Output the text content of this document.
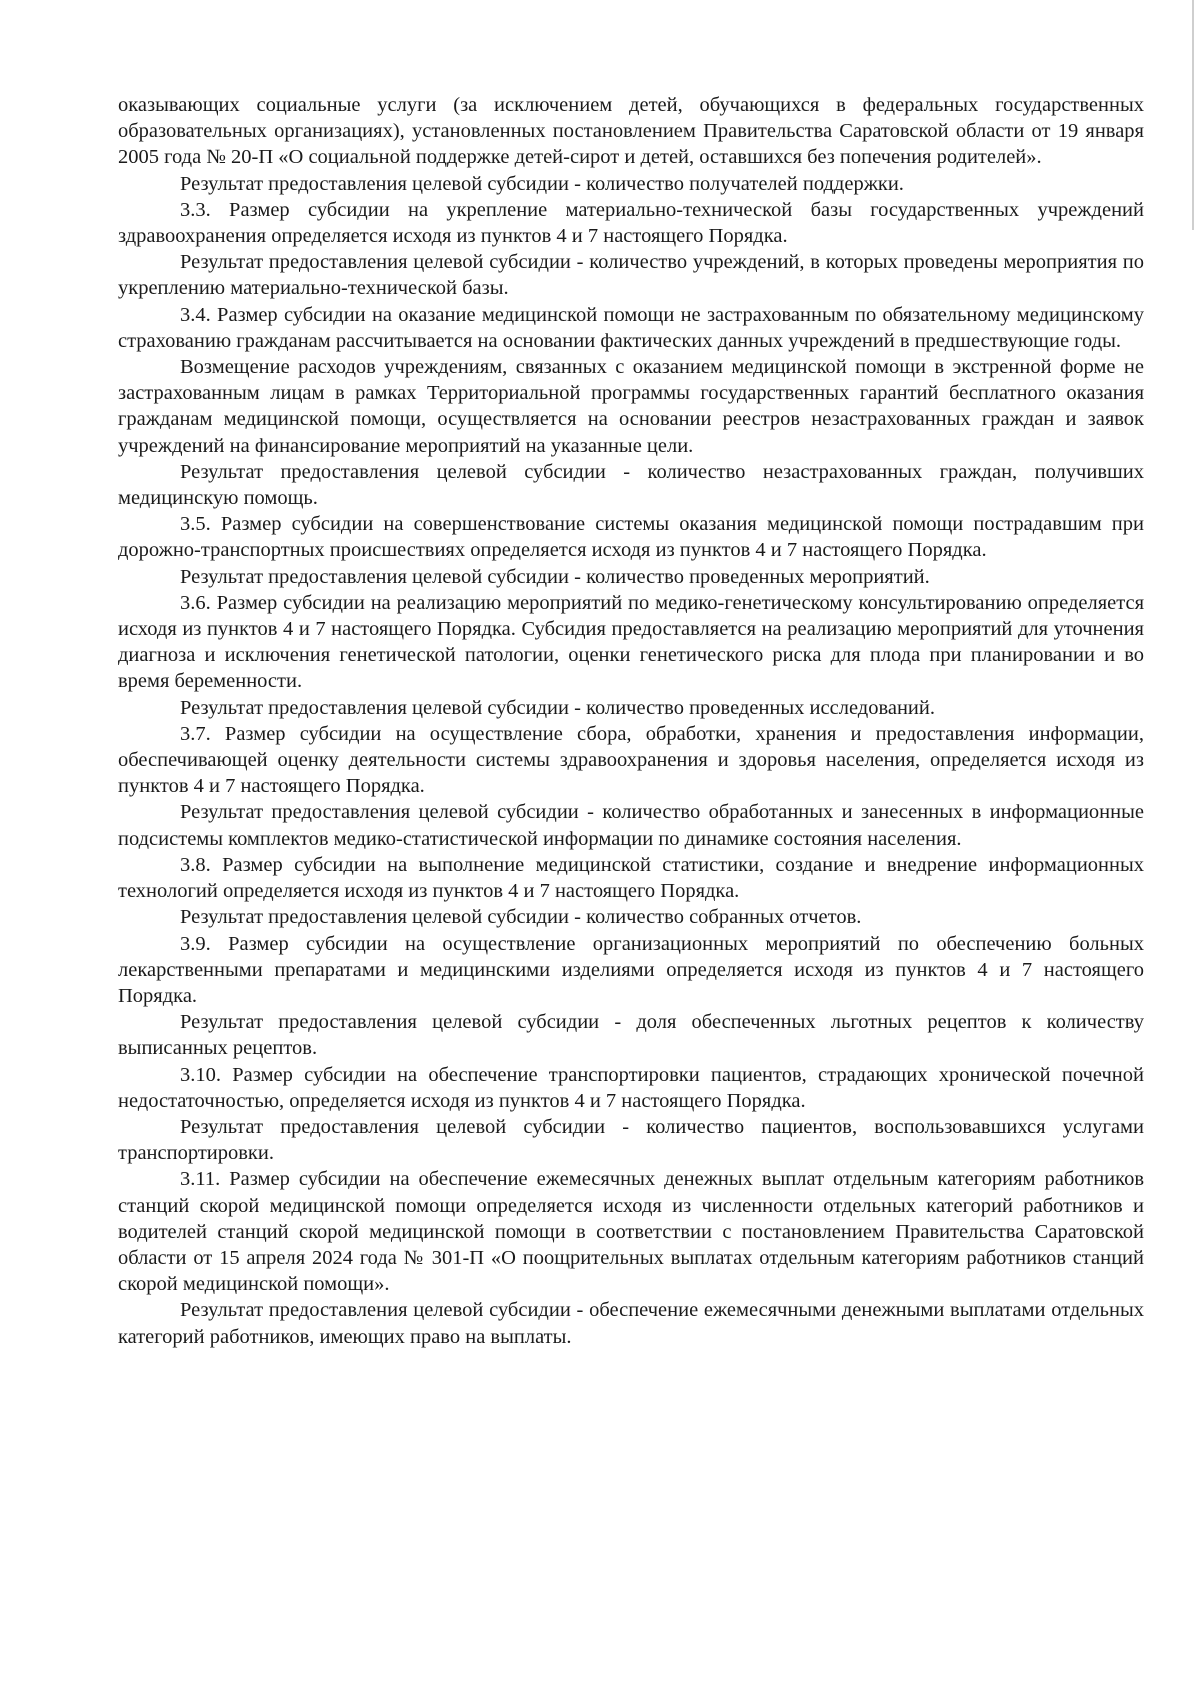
оказывающих социальные услуги (за исключением детей, обучающихся в федеральных государственных образовательных организациях), установленных постановлением Правительства Саратовской области от 19 января 2005 года № 20-П «О социальной поддержке детей-сирот и детей, оставшихся без попечения родителей».

Результат предоставления целевой субсидии - количество получателей поддержки.

3.3. Размер субсидии на укрепление материально-технической базы государственных учреждений здравоохранения определяется исходя из пунктов 4 и 7 настоящего Порядка.

Результат предоставления целевой субсидии - количество учреждений, в которых проведены мероприятия по укреплению материально-технической базы.

3.4. Размер субсидии на оказание медицинской помощи не застрахованным по обязательному медицинскому страхованию гражданам рассчитывается на основании фактических данных учреждений в предшествующие годы.

Возмещение расходов учреждениям, связанных с оказанием медицинской помощи в экстренной форме не застрахованным лицам в рамках Территориальной программы государственных гарантий бесплатного оказания гражданам медицинской помощи, осуществляется на основании реестров незастрахованных граждан и заявок учреждений на финансирование мероприятий на указанные цели.

Результат предоставления целевой субсидии - количество незастрахованных граждан, получивших медицинскую помощь.

3.5. Размер субсидии на совершенствование системы оказания медицинской помощи пострадавшим при дорожно-транспортных происшествиях определяется исходя из пунктов 4 и 7 настоящего Порядка.

Результат предоставления целевой субсидии - количество проведенных мероприятий.

3.6. Размер субсидии на реализацию мероприятий по медико-генетическому консультированию определяется исходя из пунктов 4 и 7 настоящего Порядка. Субсидия предоставляется на реализацию мероприятий для уточнения диагноза и исключения генетической патологии, оценки генетического риска для плода при планировании и во время беременности.

Результат предоставления целевой субсидии - количество проведенных исследований.

3.7. Размер субсидии на осуществление сбора, обработки, хранения и предоставления информации, обеспечивающей оценку деятельности системы здравоохранения и здоровья населения, определяется исходя из пунктов 4 и 7 настоящего Порядка.

Результат предоставления целевой субсидии - количество обработанных и занесенных в информационные подсистемы комплектов медико-статистической информации по динамике состояния населения.

3.8. Размер субсидии на выполнение медицинской статистики, создание и внедрение информационных технологий определяется исходя из пунктов 4 и 7 настоящего Порядка.

Результат предоставления целевой субсидии - количество собранных отчетов.

3.9. Размер субсидии на осуществление организационных мероприятий по обеспечению больных лекарственными препаратами и медицинскими изделиями определяется исходя из пунктов 4 и 7 настоящего Порядка.

Результат предоставления целевой субсидии - доля обеспеченных льготных рецептов к количеству выписанных рецептов.

3.10. Размер субсидии на обеспечение транспортировки пациентов, страдающих хронической почечной недостаточностью, определяется исходя из пунктов 4 и 7 настоящего Порядка.

Результат предоставления целевой субсидии - количество пациентов, воспользовавшихся услугами транспортировки.

3.11. Размер субсидии на обеспечение ежемесячных денежных выплат отдельным категориям работников станций скорой медицинской помощи определяется исходя из численности отдельных категорий работников и водителей станций скорой медицинской помощи в соответствии с постановлением Правительства Саратовской области от 15 апреля 2024 года № 301-П «О поощрительных выплатах отдельным категориям работников станций скорой медицинской помощи».

Результат предоставления целевой субсидии - обеспечение ежемесячными денежными выплатами отдельных категорий работников, имеющих право на выплаты.
